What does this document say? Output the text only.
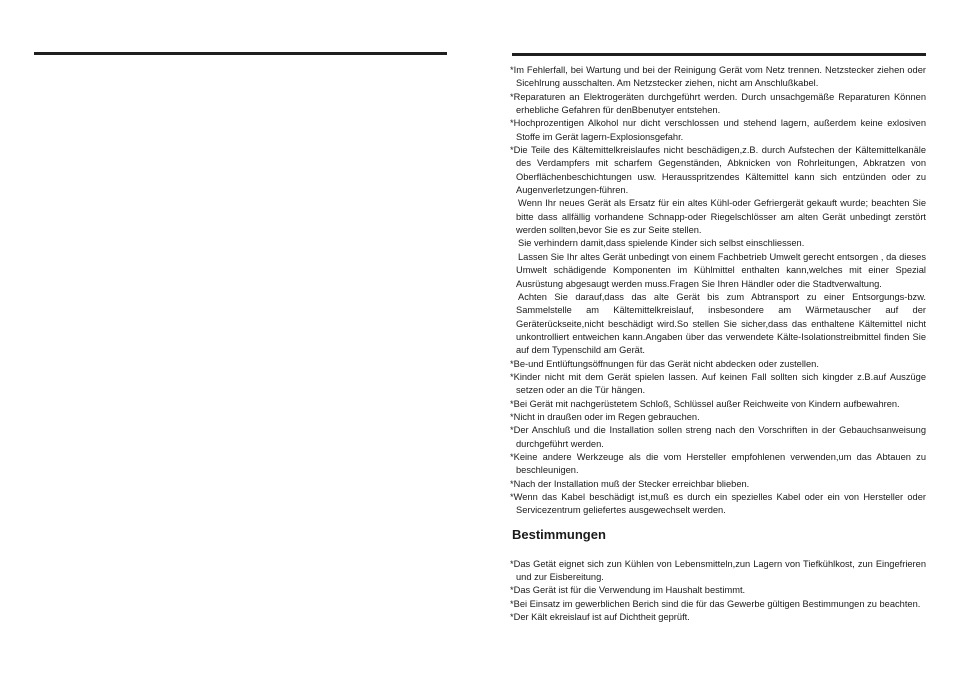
*Im Fehlerfall, bei Wartung und bei der Reinigung Gerät vom Netz trennen. Netzstecker ziehen oder Sicehlrung ausschalten. Am Netzstecker ziehen, nicht am Anschlußkabel.

*Reparaturen an Elektrogeräten durchgeführt werden. Durch unsachgemäße Reparaturen Können erhebliche Gefahren für denBbenutyer entstehen.

*Hochprozentigen Alkohol nur dicht verschlossen und stehend lagern, außerdem keine exlosiven Stoffe im Gerät lagern-Explosionsgefahr.

*Die Teile des Kältemittelkreislaufes nicht beschädigen,z.B. durch Aufstechen der Kältemittelkanäle des Verdampfers mit scharfem Gegenständen, Abknicken von Rohrleitungen, Abkratzen von Oberflächenbeschichtungen usw. Herausspritzendes Kältemittel kann sich entzünden oder zu Augenverletzungen-führen.

Wenn Ihr neues Gerät als Ersatz für ein altes Kühl-oder Gefriergerät gekauft wurde; beachten Sie bitte dass allfällig vorhandene Schnapp-oder Riegelschlösser am alten Gerät unbedingt zerstört werden sollten,bevor Sie es zur Seite stellen.

Sie verhindern damit,dass spielende Kinder sich selbst einschliessen.

Lassen Sie Ihr altes Gerät unbedingt von einem Fachbetrieb Umwelt gerecht entsorgen , da dieses Umwelt schädigende Komponenten im Kühlmittel enthalten kann,welches mit einer Spezial Ausrüstung abgesaugt werden muss.Fragen Sie Ihren Händler oder die Stadtverwaltung.

Achten Sie darauf,dass das alte Gerät bis zum Abtransport zu einer Entsorgungs-bzw. Sammelstelle am Kältemittelkreislauf, insbesondere am Wärmetauscher auf der Geräterückseite,nicht beschädigt wird.So stellen Sie sicher,dass das enthaltene Kältemittel nicht unkontrolliert entweichen kann.Angaben über das verwendete Kälte-Isolationstreibmittel finden Sie auf dem Typenschild am Gerät.

*Be-und Entlüftungsöffnungen für das Gerät nicht abdecken oder zustellen.

*Kinder nicht mit dem Gerät spielen lassen. Auf keinen Fall sollten sich kingder z.B.auf Auszüge setzen oder an die Tür hängen.

*Bei Gerät mit nachgerüstetem Schloß, Schlüssel außer Reichweite von Kindern aufbewahren.

*Nicht in draußen oder im Regen gebrauchen.

*Der Anschluß und die Installation sollen streng nach den Vorschriften in der Gebauchsanweisung durchgeführt werden.

*Keine andere Werkzeuge als die vom Hersteller empfohlenen verwenden,um das Abtauen zu beschleunigen.

*Nach der Installation muß der Stecker erreichbar blieben.

*Wenn das Kabel beschädigt ist,muß es durch ein spezielles Kabel oder ein von Hersteller oder Servicezentrum geliefertes ausgewechselt werden.

Bestimmungen

*Das Getät eignet sich zun Kühlen von Lebensmitteln,zun Lagern von Tiefkühlkost, zun Eingefrieren und zur Eisbereitung.

*Das Gerät ist für die Verwendung im Haushalt bestimmt.

*Bei Einsatz im gewerblichen Berich sind die für das Gewerbe gültigen Bestimmungen zu beachten.

*Der Kält ekreislauf ist auf Dichtheit geprüft.
